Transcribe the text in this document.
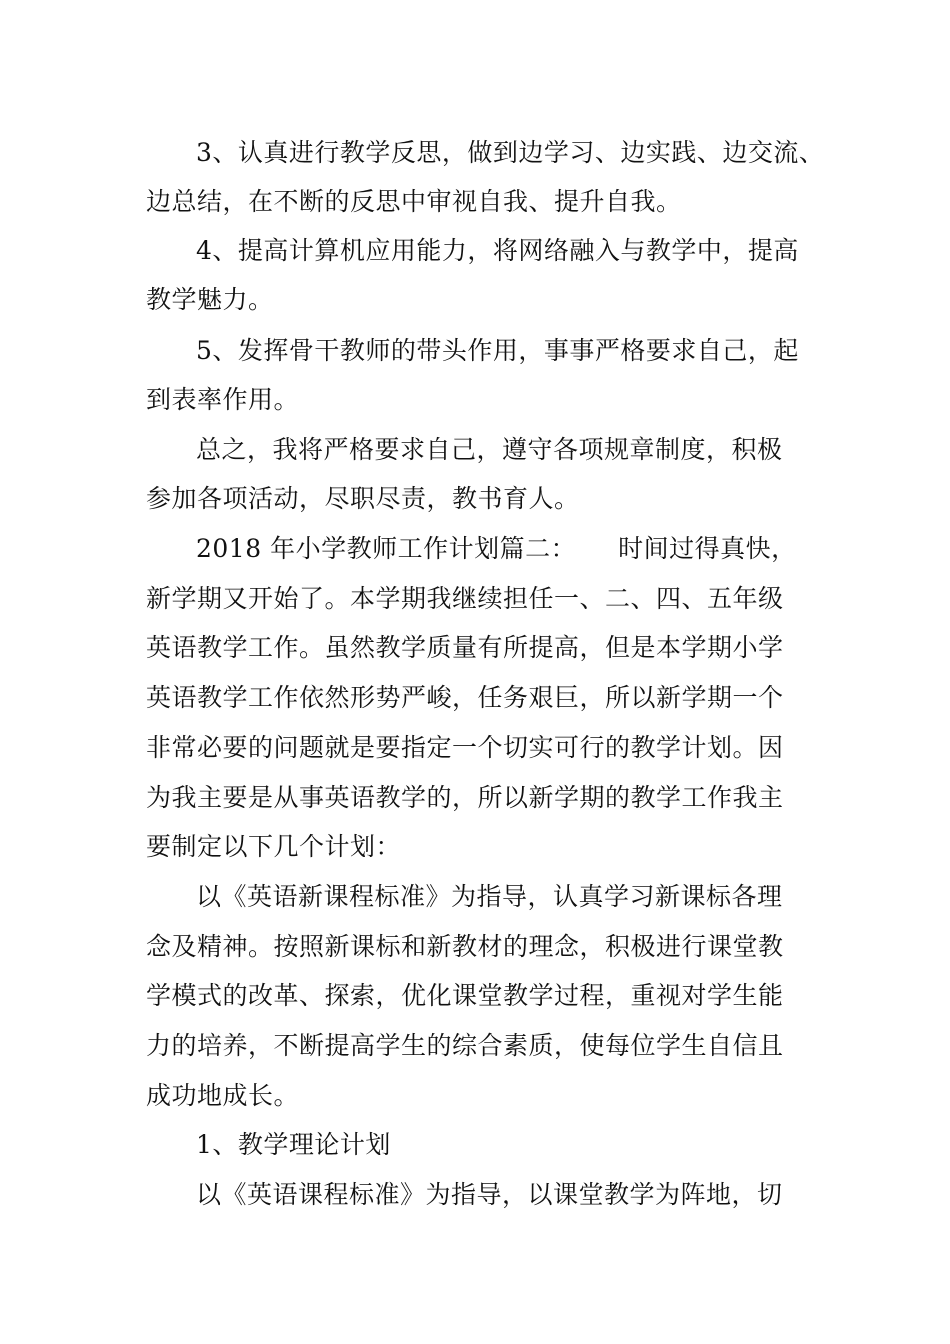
3、认真进行教学反思，做到边学习、边实践、边交流、
边总结，在不断的反思中审视自我、提升自我。
4、提高计算机应用能力，将网络融入与教学中，提高
教学魅力。
5、发挥骨干教师的带头作用，事事严格要求自己，起
到表率作用。
总之，我将严格要求自己，遵守各项规章制度，积极
参加各项活动，尽职尽责，教书育人。
2018 年小学教师工作计划篇二： 时间过得真快，
新学期又开始了。本学期我继续担任一、二、四、五年级
英语教学工作。虽然教学质量有所提高，但是本学期小学
英语教学工作依然形势严峻，任务艰巨，所以新学期一个
非常必要的问题就是要指定一个切实可行的教学计划。因
为我主要是从事英语教学的，所以新学期的教学工作我主
要制定以下几个计划：
以《英语新课程标准》为指导，认真学习新课标各理
念及精神。按照新课标和新教材的理念，积极进行课堂教
学模式的改革、探索，优化课堂教学过程，重视对学生能
力的培养，不断提高学生的综合素质，使每位学生自信且
成功地成长。
1、教学理论计划
以《英语课程标准》为指导，以课堂教学为阵地，切
